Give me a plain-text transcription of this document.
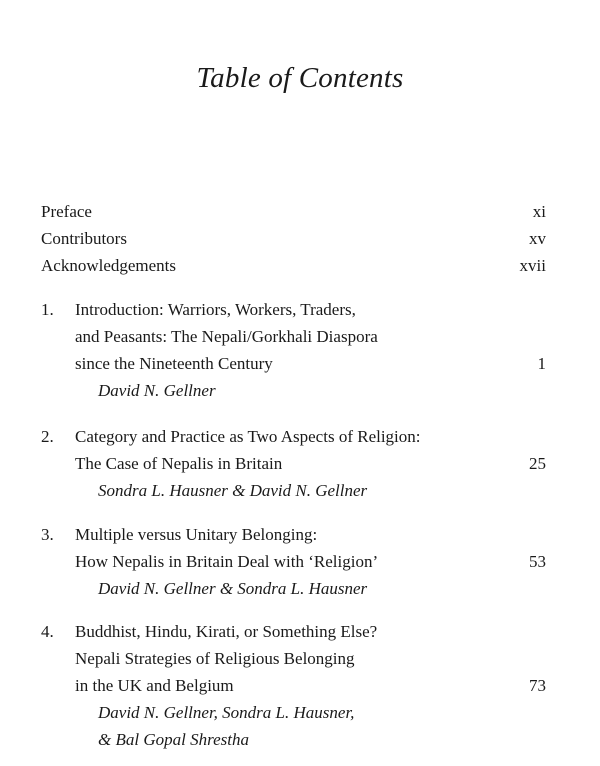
Table of Contents
Preface	xi
Contributors	xv
Acknowledgements	xvii
1. Introduction: Warriors, Workers, Traders,
and Peasants: The Nepali/Gorkhali Diaspora
since the Nineteenth Century	1
David N. Gellner
2. Category and Practice as Two Aspects of Religion:
The Case of Nepalis in Britain	25
Sondra L. Hausner & David N. Gellner
3. Multiple versus Unitary Belonging:
How Nepalis in Britain Deal with ‘Religion’	53
David N. Gellner & Sondra L. Hausner
4. Buddhist, Hindu, Kirati, or Something Else?
Nepali Strategies of Religious Belonging
in the UK and Belgium	73
David N. Gellner, Sondra L. Hausner,
& Bal Gopal Shrestha
